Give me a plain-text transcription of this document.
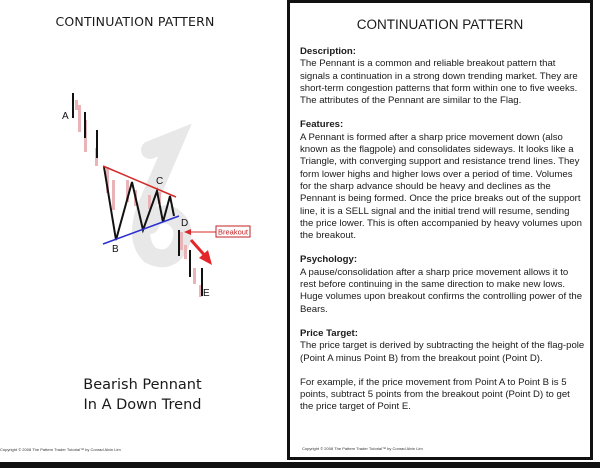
CONTINUATION PATTERN
Breakout
A
B
C
D
E
Bearish Pennant
In A Down Trend
Copyright © 2008 The Pattern Trader Tutorial™ by Conrad Alvin Lim
CONTINUATION PATTERN
Description:

The Pennant is a common and reliable breakout pattern that signals a continuation in a strong down trending market. They are short-term congestion patterns that form within one to five weeks. The attributes of the Pennant are similar to the Flag.

Features:

A Pennant is formed after a sharp price movement down (also known as the flagpole) and consolidates sideways. It looks like a Triangle, with converging support and resistance trend lines. They form lower highs and higher lows over a period of time. Volumes for the sharp advance should be heavy and declines as the Pennant is being formed. Once the price breaks out of the support line, it is a SELL signal and the initial trend will resume, sending the price lower. This is often accompanied by heavy volumes upon the breakout.

Psychology:

A pause/consolidation after a sharp price movement allows it to rest before continuing in the same direction to make new lows. Huge volumes upon breakout confirms the controlling power of the Bears.

Price Target:

The price target is derived by subtracting the height of the flag-pole (Point A minus Point B) from the breakout point (Point D).

For example, if the price movement from Point A to Point B is 5 points, subtract 5 points from the breakout point (Point D) to get the price target of Point E.

Copyright © 2008 The Pattern Trader Tutorial™ by Conrad Alvin Lim
